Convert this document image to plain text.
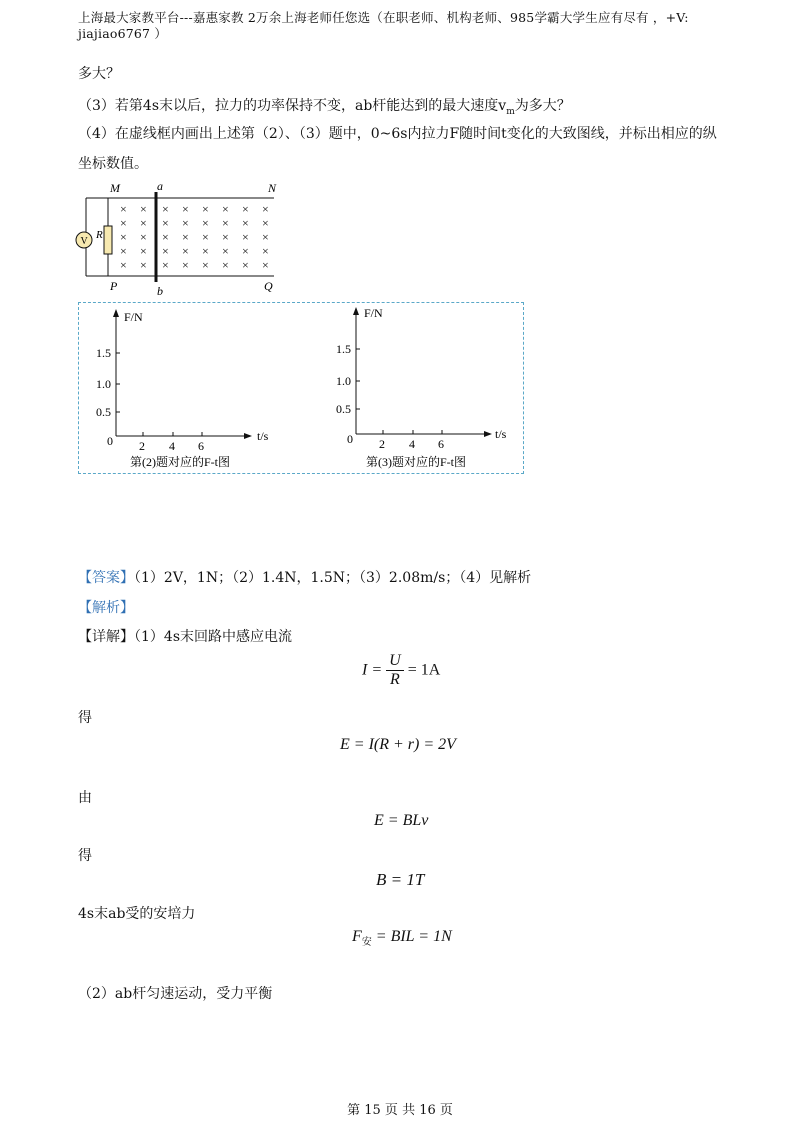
上海最大家教平台---嘉惠家教 2万余上海老师任您选（在职老师、机构老师、985学霸大学生应有尽有 ，+V:
jiajiao6767 ）
多大？
（3）若第4s末以后，拉力的功率保持不变，ab杆能达到的最大速度$v_m$为多大？
（4）在虚线框内画出上述第（2）、（3）题中，0~6s内拉力F随时间t变化的大致图线，并标出相应的纵
坐标数值。
V
R
M	a	N
P	b	Q
× × × × × × × ×
× × × × × × × ×
× × × × × × × ×
× × × × × × × ×
× × × × × × × ×
F/N
t/s
1.5
1.0
0.5
0 2 4 6
第(2)题对应的F-t图
F/N
t/s
1.5
1.0
0.5
0 2 4 6
第(3)题对应的F-t图
【答案】（1）2V，1N；（2）1.4N，1.5N；（3）2.08m/s；（4）见解析
【解析】
【详解】（1）4s末回路中感应电流
$I = \frac{U}{R} = 1A$
得
E = I(R + r) = 2V
由
E = BLv
得
B = 1T
4s末ab受的安培力
$F_安$ = BIL = 1N
（2）ab杆匀速运动，受力平衡
第 15 页 共 16 页
